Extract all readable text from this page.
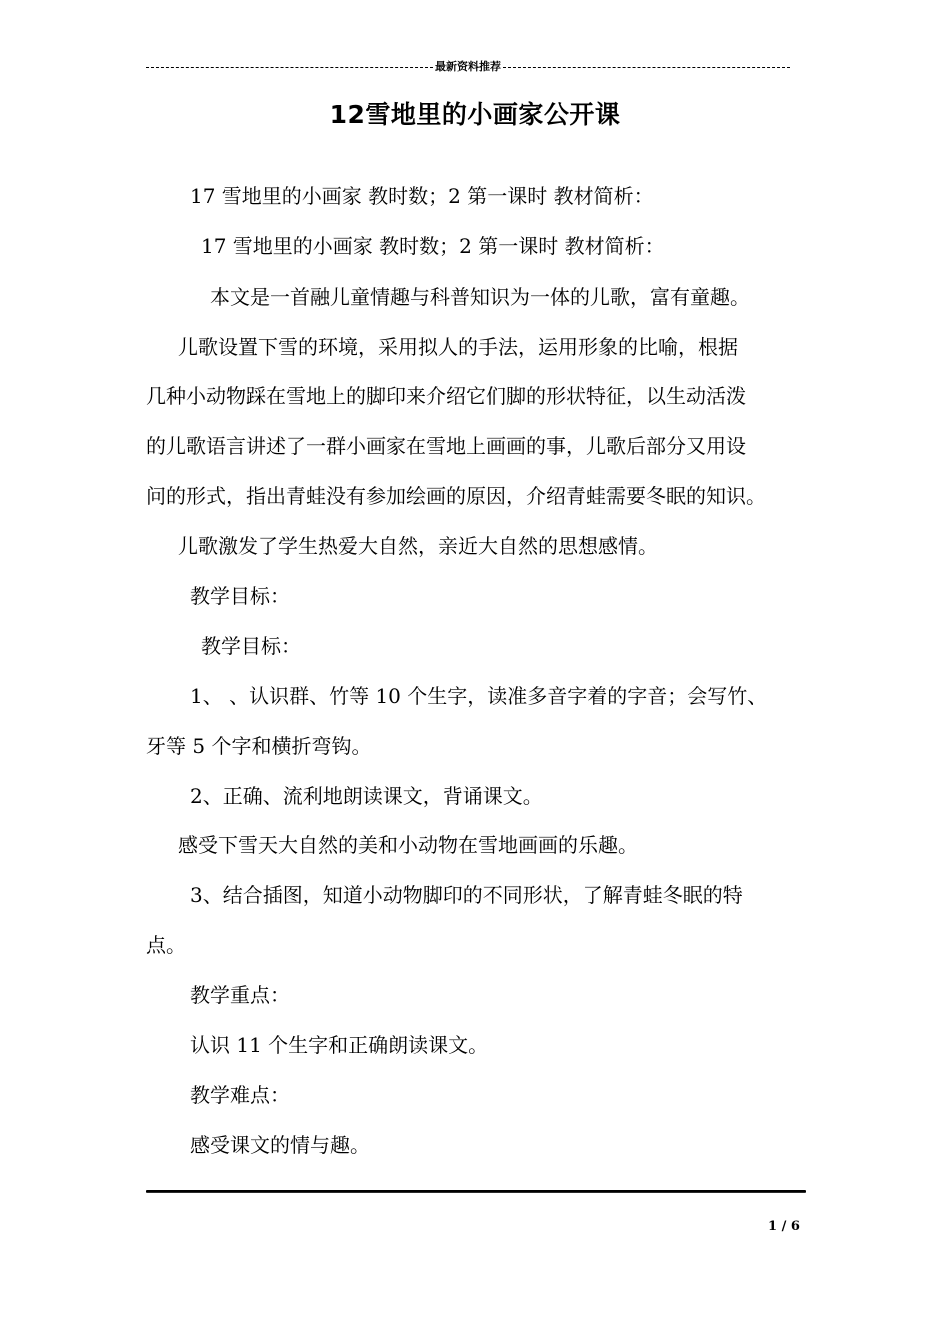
最新资料推荐
12雪地里的小画家公开课
17 雪地里的小画家 教时数；2 第一课时 教材简析：
17 雪地里的小画家 教时数；2 第一课时 教材简析：
本文是一首融儿童情趣与科普知识为一体的儿歌，富有童趣。
儿歌设置下雪的环境，采用拟人的手法，运用形象的比喻，根据
几种小动物踩在雪地上的脚印来介绍它们脚的形状特征，以生动活泼
的儿歌语言讲述了一群小画家在雪地上画画的事，儿歌后部分又用设
问的形式，指出青蛙没有参加绘画的原因，介绍青蛙需要冬眠的知识。
儿歌激发了学生热爱大自然，亲近大自然的思想感情。
教学目标：
教学目标：
1、 、认识群、竹等 10 个生字，读准多音字着的字音；会写竹、
牙等 5 个字和横折弯钩。
2、正确、流利地朗读课文，背诵课文。
感受下雪天大自然的美和小动物在雪地画画的乐趣。
3、结合插图，知道小动物脚印的不同形状，了解青蛙冬眠的特
点。
教学重点：
认识 11 个生字和正确朗读课文。
教学难点：
感受课文的情与趣。
1 / 6
